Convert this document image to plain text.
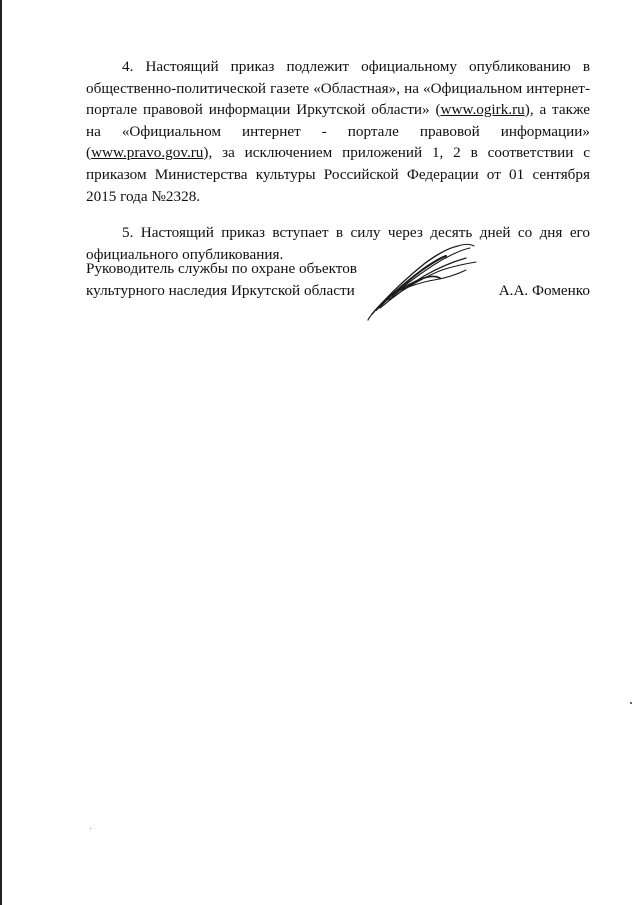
4. Настоящий приказ подлежит официальному опубликованию в общественно-политической газете «Областная», на «Официальном интернет-портале правовой информации Иркутской области» (www.ogirk.ru), а также на «Официальном интернет - портале правовой информации» (www.pravo.gov.ru), за исключением приложений 1, 2 в соответствии с приказом Министерства культуры Российской Федерации от 01 сентября 2015 года №2328.

5. Настоящий приказ вступает в силу через десять дней со дня его официального опубликования.

Руководитель службы по охране объектов
культурного наследия Иркутской области	А.А. Фоменко
